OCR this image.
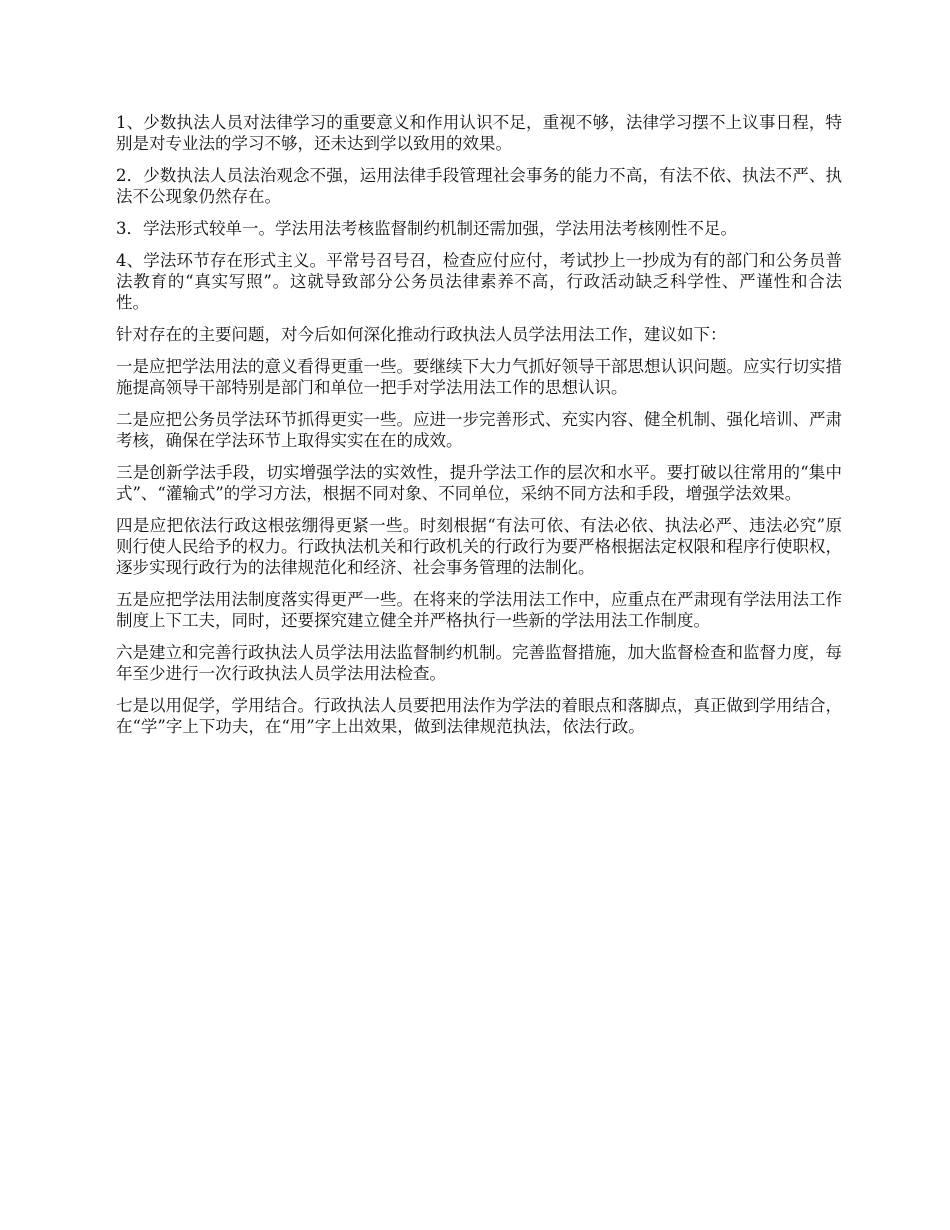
1、少数执法人员对法律学习的重要意义和作用认识不足，重视不够，法律学习摆不上议事日程，特别是对专业法的学习不够，还未达到学以致用的效果。

2．少数执法人员法治观念不强，运用法律手段管理社会事务的能力不高，有法不依、执法不严、执法不公现象仍然存在。

3．学法形式较单一。学法用法考核监督制约机制还需加强，学法用法考核刚性不足。

4、学法环节存在形式主义。平常号召号召，检查应付应付，考试抄上一抄成为有的部门和公务员普法教育的“真实写照”。这就导致部分公务员法律素养不高，行政活动缺乏科学性、严谨性和合法性。

针对存在的主要问题，对今后如何深化推动行政执法人员学法用法工作，建议如下：

一是应把学法用法的意义看得更重一些。要继续下大力气抓好领导干部思想认识问题。应实行切实措施提高领导干部特别是部门和单位一把手对学法用法工作的思想认识。

二是应把公务员学法环节抓得更实一些。应进一步完善形式、充实内容、健全机制、强化培训、严肃考核，确保在学法环节上取得实实在在的成效。

三是创新学法手段，切实增强学法的实效性，提升学法工作的层次和水平。要打破以往常用的“集中式”、“灌输式”的学习方法，根据不同对象、不同单位，采纳不同方法和手段，增强学法效果。

四是应把依法行政这根弦绷得更紧一些。时刻根据“有法可依、有法必依、执法必严、违法必究”原则行使人民给予的权力。行政执法机关和行政机关的行政行为要严格根据法定权限和程序行使职权，逐步实现行政行为的法律规范化和经济、社会事务管理的法制化。

五是应把学法用法制度落实得更严一些。在将来的学法用法工作中，应重点在严肃现有学法用法工作制度上下工夫，同时，还要探究建立健全并严格执行一些新的学法用法工作制度。

六是建立和完善行政执法人员学法用法监督制约机制。完善监督措施，加大监督检查和监督力度，每年至少进行一次行政执法人员学法用法检查。

七是以用促学，学用结合。行政执法人员要把用法作为学法的着眼点和落脚点，真正做到学用结合，在“学”字上下功夫，在“用”字上出效果，做到法律规范执法，依法行政。
